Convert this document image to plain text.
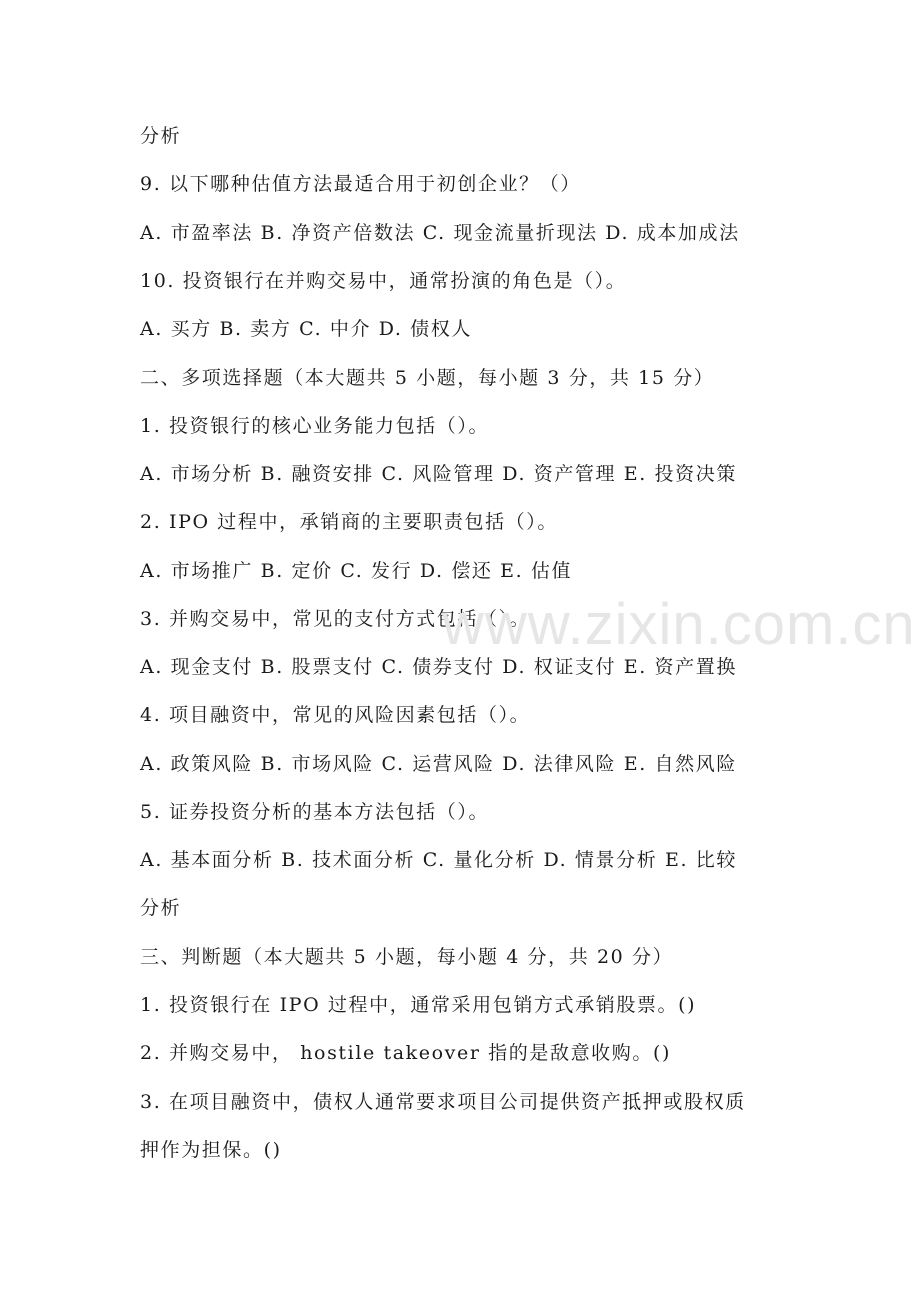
分析
9. 以下哪种估值方法最适合用于初创企业？（）
A. 市盈率法 B. 净资产倍数法 C. 现金流量折现法 D. 成本加成法
10. 投资银行在并购交易中，通常扮演的角色是（）。
A. 买方 B. 卖方 C. 中介 D. 债权人
二、多项选择题（本大题共 5 小题，每小题 3 分，共 15 分）
1. 投资银行的核心业务能力包括（）。
A. 市场分析 B. 融资安排 C. 风险管理 D. 资产管理 E. 投资决策
2. IPO 过程中，承销商的主要职责包括（）。
A. 市场推广 B. 定价 C. 发行 D. 偿还 E. 估值
3. 并购交易中，常见的支付方式包括（）。
A. 现金支付 B. 股票支付 C. 债券支付 D. 权证支付 E. 资产置换
4. 项目融资中，常见的风险因素包括（）。
A. 政策风险 B. 市场风险 C. 运营风险 D. 法律风险 E. 自然风险
5. 证券投资分析的基本方法包括（）。
A. 基本面分析 B. 技术面分析 C. 量化分析 D. 情景分析 E. 比较
分析
三、判断题（本大题共 5 小题，每小题 4 分，共 20 分）
1. 投资银行在 IPO 过程中，通常采用包销方式承销股票。()
2. 并购交易中， hostile takeover 指的是敌意收购。()
3. 在项目融资中，债权人通常要求项目公司提供资产抵押或股权质
押作为担保。()
www.zixin.com.cn
